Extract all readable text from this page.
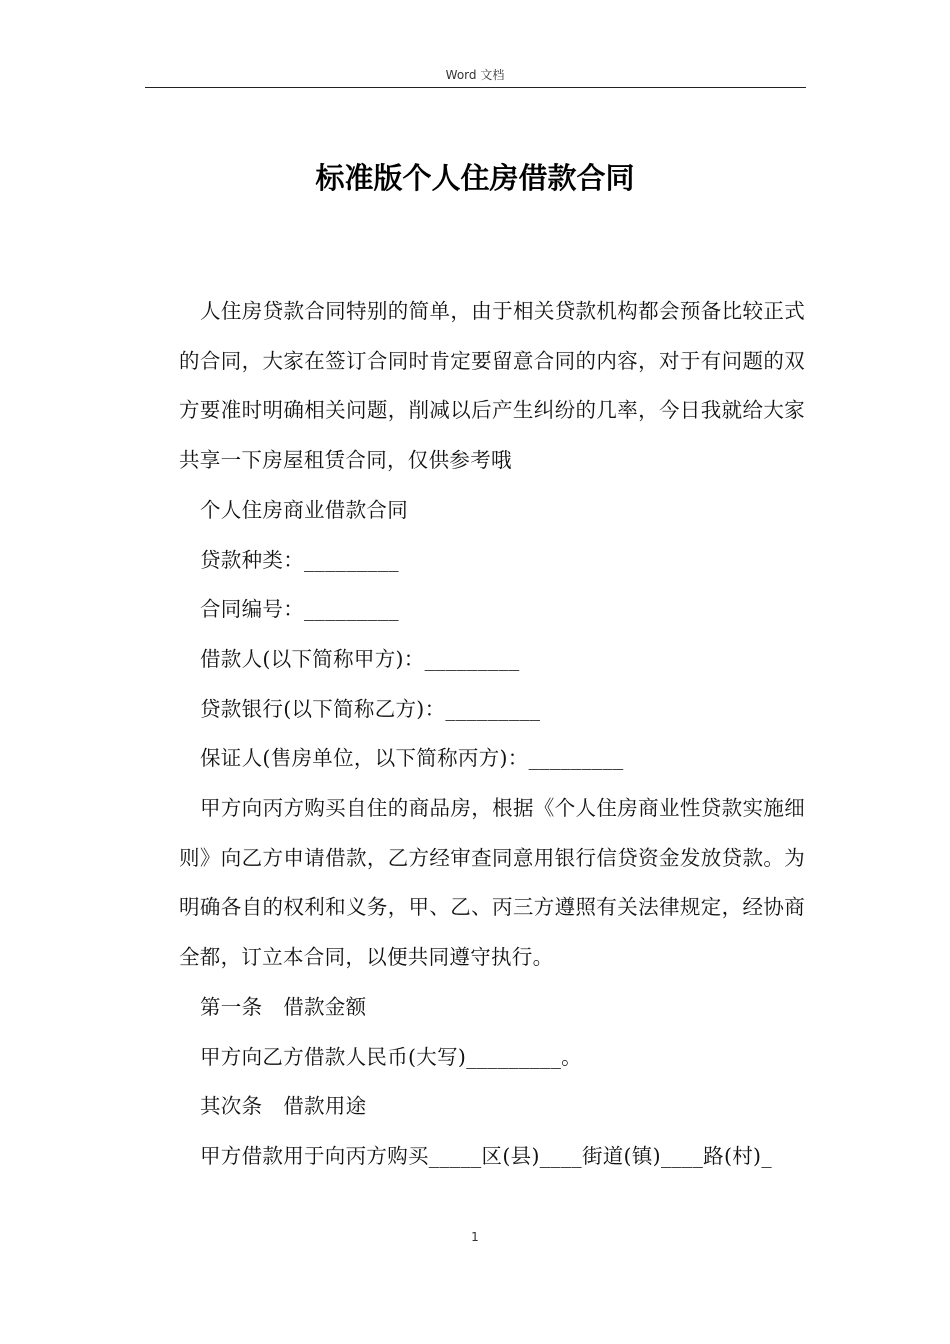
Word 文档
标准版个人住房借款合同

人住房贷款合同特别的简单，由于相关贷款机构都会预备比较正式的合同，大家在签订合同时肯定要留意合同的内容，对于有问题的双方要准时明确相关问题，削减以后产生纠纷的几率，今日我就给大家共享一下房屋租赁合同，仅供参考哦

个人住房商业借款合同

贷款种类：_________

合同编号：_________

借款人(以下简称甲方)：_________

贷款银行(以下简称乙方)：_________

保证人(售房单位，以下简称丙方)：_________

甲方向丙方购买自住的商品房，根据《个人住房商业性贷款实施细则》向乙方申请借款，乙方经审查同意用银行信贷资金发放贷款。为明确各自的权利和义务，甲、乙、丙三方遵照有关法律规定，经协商全都，订立本合同，以便共同遵守执行。

第一条　借款金额

甲方向乙方借款人民币(大写)_________。

其次条　借款用途

甲方借款用于向丙方购买_____区(县)____街道(镇)____路(村)_

1
